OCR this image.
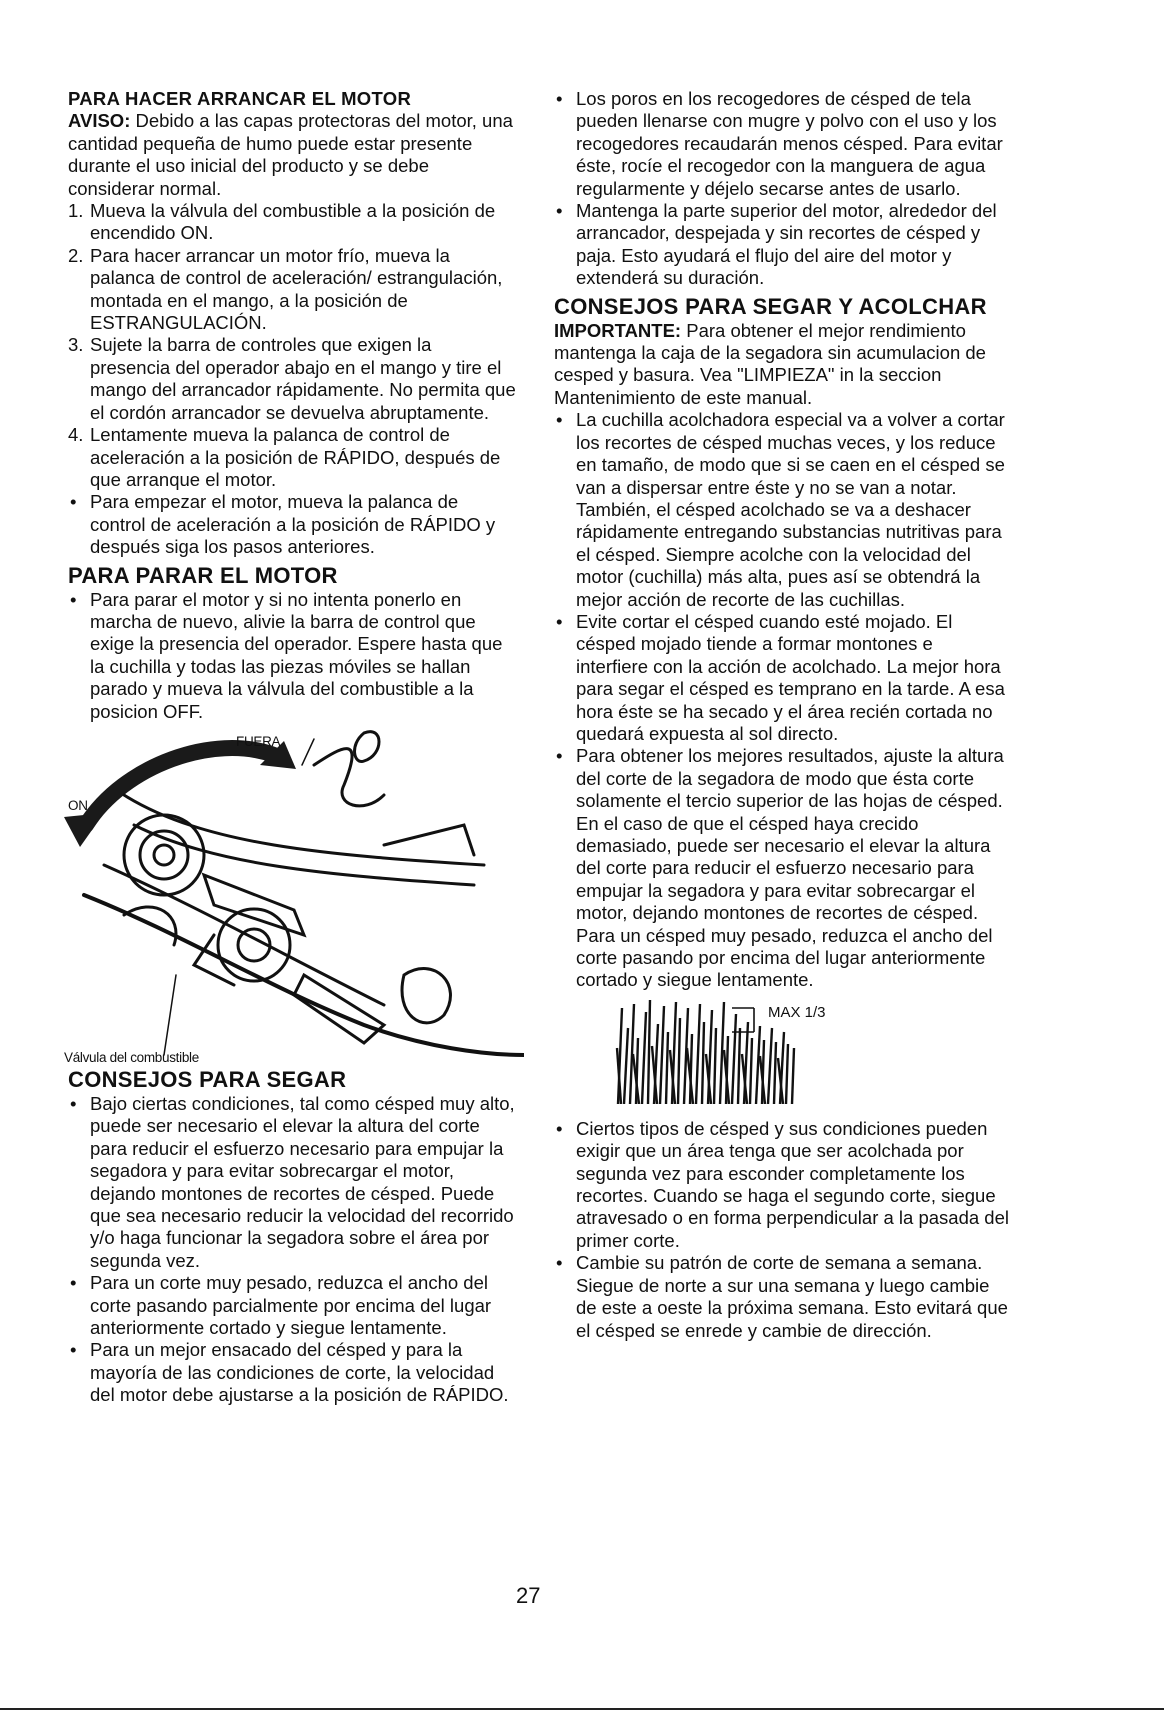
PARA HACER ARRANCAR EL MOTOR

AVISO: Debido a las capas protectoras del motor, una cantidad pequeña de humo puede estar presente durante el uso inicial del producto y se debe considerar normal.

1. Mueva la válvula del combustible a la posición de encendido ON.
2. Para hacer arrancar un motor frío, mueva la palanca de control de aceleración/ estrangulación, montada en el mango, a la posición de ESTRANGULACIÓN.
3. Sujete la barra de controles que exigen la presencia del operador abajo en el mango y tire el mango del arrancador rápidamente. No permita que el cordón arrancador se devuelva abruptamente.
4. Lentamente mueva la palanca de control de aceleración a la posición de RÁPIDO, después de que arranque el motor.
• Para empezar el motor, mueva la palanca de control de aceleración a la posición de RÁPIDO y después siga los pasos anteriores.
PARA PARAR EL MOTOR
• Para parar el motor y si no intenta ponerlo en marcha de nuevo, alivie la barra de control que exige la presencia del operador. Espere hasta que la cuchilla y todas las piezas móviles se hallan parado y mueva la válvula del combustible a la posicion OFF.
FUERA
ON
Válvula del combustible
CONSEJOS PARA SEGAR
• Bajo ciertas condiciones, tal como césped muy alto, puede ser necesario el elevar la altura del corte para reducir el esfuerzo necesario para empujar la segadora y para evitar sobrecargar el motor, dejando montones de recortes de césped. Puede que sea necesario reducir la velocidad del recorrido y/o haga funcionar la segadora sobre el área por segunda vez.
• Para un corte muy pesado, reduzca el ancho del corte pasando parcialmente por encima del lugar anteriormente cortado y siegue lentamente.
• Para un mejor ensacado del césped y para la mayoría de las condiciones de corte, la velocidad del motor debe ajustarse a la posición de RÁPIDO.
• Los poros en los recogedores de césped de tela pueden llenarse con mugre y polvo con el uso y los recogedores recaudarán menos césped. Para evitar éste, rocíe el recogedor con la manguera de agua regularmente y déjelo secarse antes de usarlo.
• Mantenga la parte superior del motor, alrededor del arrancador, despejada y sin recortes de césped y paja. Esto ayudará el flujo del aire del motor y extenderá su duración.
CONSEJOS PARA SEGAR Y ACOLCHAR

IMPORTANTE: Para obtener el mejor rendimiento mantenga la caja de la segadora sin acumulacion de cesped y basura. Vea "LIMPIEZA" in la seccion Mantenimiento de este manual.

• La cuchilla acolchadora especial va a volver a cortar los recortes de césped muchas veces, y los reduce en tamaño, de modo que si se caen en el césped se van a dispersar entre éste y no se van a notar. También, el césped acolchado se va a deshacer rápidamente entregando substancias nutritivas para el césped. Siempre acolche con la velocidad del motor (cuchilla) más alta, pues así se obtendrá la mejor acción de recorte de las cuchillas.
• Evite cortar el césped cuando esté mojado. El césped mojado tiende a formar montones e interfiere con la acción de acolchado. La mejor hora para segar el césped es temprano en la tarde. A esa hora éste se ha secado y el área recién cortada no quedará expuesta al sol directo.
• Para obtener los mejores resultados, ajuste la altura del corte de la segadora de modo que ésta corte solamente el tercio superior de las hojas de césped. En el caso de que el césped haya crecido demasiado, puede ser necesario el elevar la altura del corte para reducir el esfuerzo necesario para empujar la segadora y para evitar sobrecargar el motor, dejando montones de recortes de césped. Para un césped muy pesado, reduzca el ancho del corte pasando por encima del lugar anteriormente cortado y siegue lentamente.
MAX 1/3
• Ciertos tipos de césped y sus condiciones pueden exigir que un área tenga que ser acolchada por segunda vez para esconder completamente los recortes. Cuando se haga el segundo corte, siegue atravesado o en forma perpendicular a la pasada del primer corte.
• Cambie su patrón de corte de semana a semana. Siegue de norte a sur una semana y luego cambie de este a oeste la próxima semana. Esto evitará que el césped se enrede y cambie de dirección.
27
